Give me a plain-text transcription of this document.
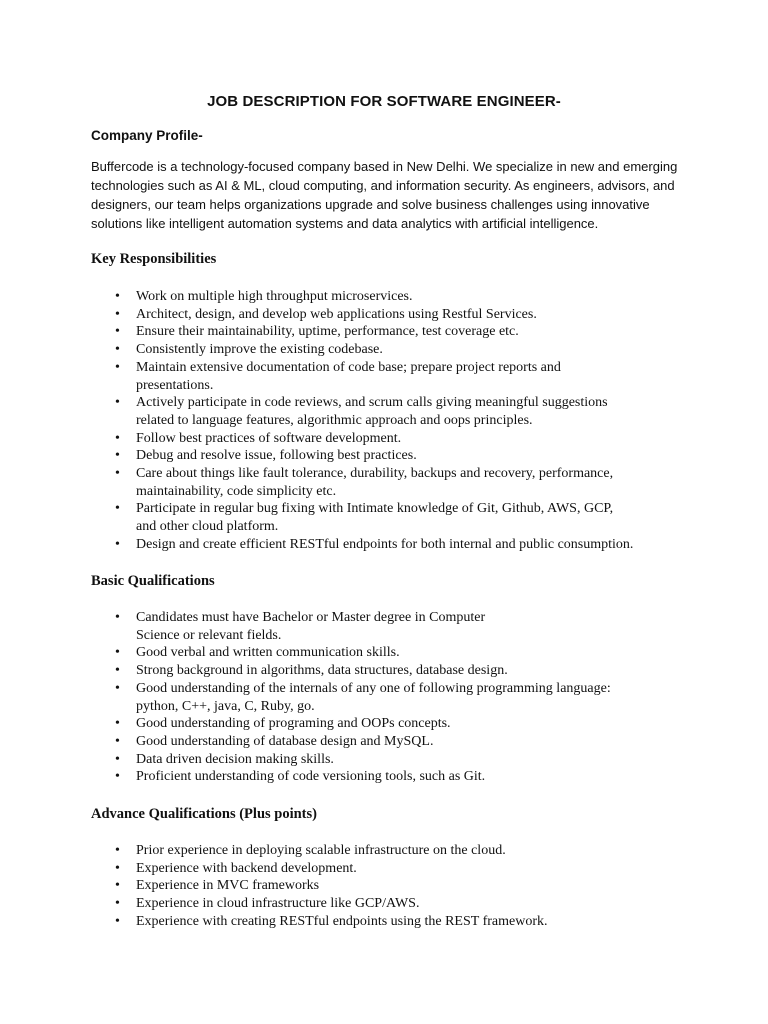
JOB DESCRIPTION FOR SOFTWARE ENGINEER-
Company Profile-

Buffercode is a technology-focused company based in New Delhi. We specialize in new and emerging
technologies such as AI & ML, cloud computing, and information security. As engineers, advisors, and
designers, our team helps organizations upgrade and solve business challenges using innovative
solutions like intelligent automation systems and data analytics with artificial intelligence.

Key Responsibilities
• Work on multiple high throughput microservices.
• Architect, design, and develop web applications using Restful Services.
• Ensure their maintainability, uptime, performance, test coverage etc.
• Consistently improve the existing codebase.
• Maintain extensive documentation of code base; prepare project reports and
presentations.
• Actively participate in code reviews, and scrum calls giving meaningful suggestions
related to language features, algorithmic approach and oops principles.
• Follow best practices of software development.
• Debug and resolve issue, following best practices.
• Care about things like fault tolerance, durability, backups and recovery, performance,
maintainability, code simplicity etc.
• Participate in regular bug fixing with Intimate knowledge of Git, Github, AWS, GCP,
and other cloud platform.
• Design and create efficient RESTful endpoints for both internal and public consumption.
Basic Qualifications
• Candidates must have Bachelor or Master degree in Computer
Science or relevant fields.
• Good verbal and written communication skills.
• Strong background in algorithms, data structures, database design.
• Good understanding of the internals of any one of following programming language:
python, C++, java, C, Ruby, go.
• Good understanding of programing and OOPs concepts.
• Good understanding of database design and MySQL.
• Data driven decision making skills.
• Proficient understanding of code versioning tools, such as Git.
Advance Qualifications (Plus points)
• Prior experience in deploying scalable infrastructure on the cloud.
• Experience with backend development.
• Experience in MVC frameworks
• Experience in cloud infrastructure like GCP/AWS.
• Experience with creating RESTful endpoints using the REST framework.
